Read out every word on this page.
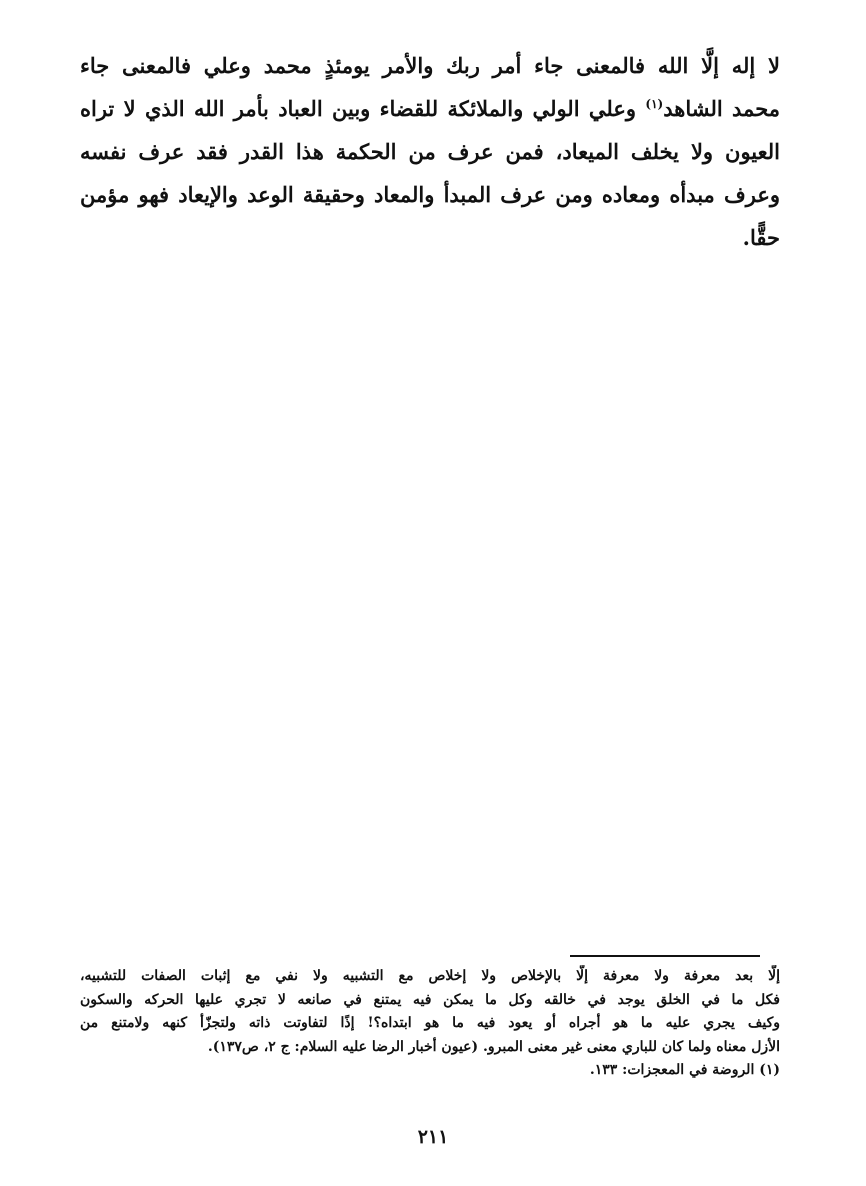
لا إله إلَّا الله فالمعنى جاء أمر ربك والأمر يومئذٍ محمد وعلي فالمعنى جاء
محمد الشاهد$^{(١)}$ وعلي الولي والملائكة للقضاء وبين العباد بأمر الله الذي لا تراه
العيون ولا يخلف الميعاد، فمن عرف من الحكمة هذا القدر فقد عرف نفسه
وعرف مبدأه ومعاده ومن عرف المبدأ والمعاد وحقيقة الوعد والإيعاد فهو مؤمن
حقًّا.
إلَّا بعد معرفة ولا معرفة إلَّا بالإخلاص ولا إخلاص مع التشبيه ولا نفي مع إثبات الصفات للتشبيه،
فكل ما في الخلق يوجد في خالقه وكل ما يمكن فيه يمتنع في صانعه لا تجري عليها الحركه والسكون
وكيف يجري عليه ما هو أجراه أو يعود فيه ما هو ابتداه؟! إذًا لتفاوتت ذاته ولتجزّأ كنهه ولامتنع من
الأزل معناه ولما كان للباري معنى غير معنى المبرو. (عيون أخبار الرضا عليه السلام: ج ٢، ص١٣٧).
(١) الروضة في المعجزات: ١٣٣.
٢١١
